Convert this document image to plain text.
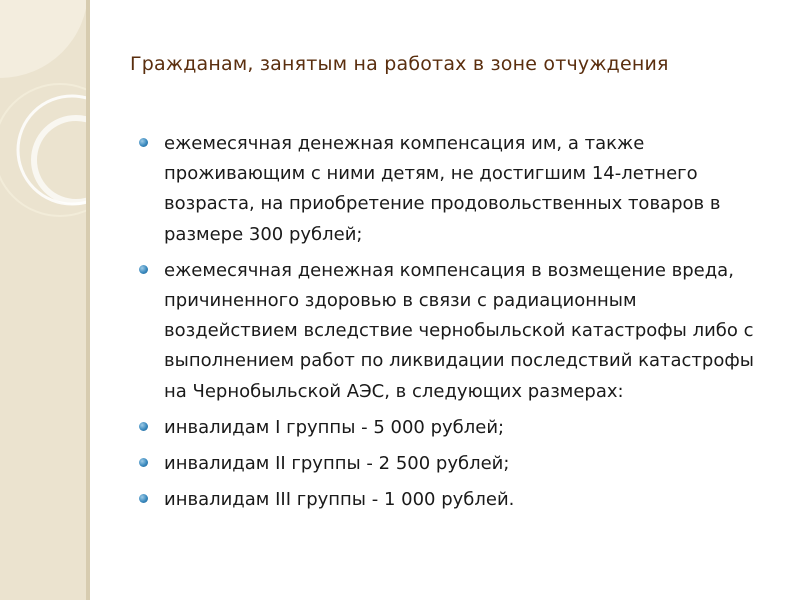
Гражданам, занятым на работах в зоне отчуждения
ежемесячная денежная компенсация им, а также проживающим с ними детям, не достигшим 14-летнего возраста, на приобретение продовольственных товаров в размере 300 рублей;
ежемесячная денежная компенсация в возмещение вреда, причиненного здоровью в связи с радиационным воздействием вследствие чернобыльской катастрофы либо с выполнением работ по ликвидации последствий катастрофы на Чернобыльской АЭС, в следующих размерах:
инвалидам I группы - 5 000 рублей;
инвалидам II группы - 2 500 рублей;
инвалидам III группы - 1 000 рублей.
